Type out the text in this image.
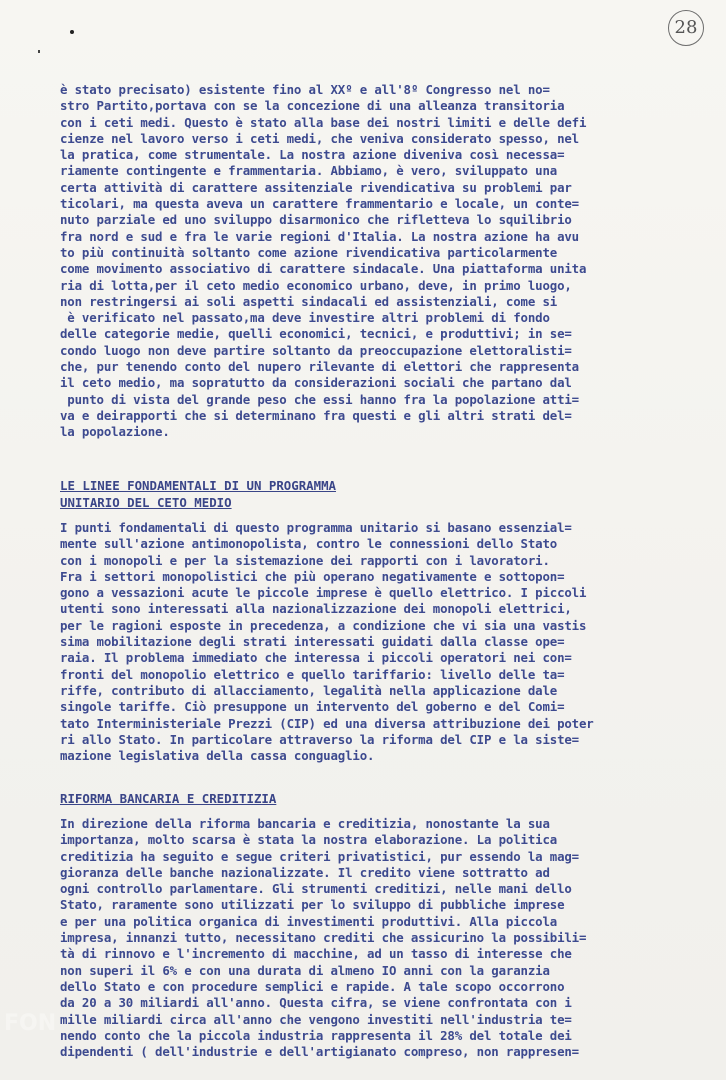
28
è stato precisato) esistente fino al XXº e all'8º Congresso nel no=
stro Partito,portava con se la concezione di una alleanza transitoria
con i ceti medi. Questo è stato alla base dei nostri limiti e delle defi
cienze nel lavoro verso i ceti medi, che veniva considerato spesso, nel
la pratica, come strumentale. La nostra azione diveniva così necessa=
riamente contingente e frammentaria. Abbiamo, è vero, sviluppato una
certa attività di carattere assitenziale rivendicativa su problemi par
ticolari, ma questa aveva un carattere frammentario e locale, un conte=
nuto parziale ed uno sviluppo disarmonico che rifletteva lo squilibrio
fra nord e sud e fra le varie regioni d'Italia. La nostra azione ha avu
to più continuità soltanto come azione rivendicativa particolarmente
come movimento associativo di carattere sindacale. Una piattaforma unita
ria di lotta,per il ceto medio economico urbano, deve, in primo luogo,
non restringersi ai soli aspetti sindacali ed assistenziali, come si
è verificato nel passato,ma deve investire altri problemi di fondo
delle categorie medie, quelli economici, tecnici, e produttivi; in se=
condo luogo non deve partire soltanto da preoccupazione elettoralisti=
che, pur tenendo conto del nupero rilevante di elettori che rappresenta
il ceto medio, ma sopratutto da considerazioni sociali che partano dal
punto di vista del grande peso che essi hanno fra la popolazione atti=
va e deirapporti che si determinano fra questi e gli altri strati del=
la popolazione.
LE LINEE FONDAMENTALI DI UN PROGRAMMA
UNITARIO DEL CETO MEDIO
I punti fondamentali di questo programma unitario si basano essenzial=
mente sull'azione antimonopolista, contro le connessioni dello Stato
con i monopoli e per la sistemazione dei rapporti con i lavoratori.
Fra i settori monopolistici che più operano negativamente e sottopon=
gono a vessazioni acute le piccole imprese è quello elettrico. I piccoli
utenti sono interessati alla nazionalizzazione dei monopoli elettrici,
per le ragioni esposte in precedenza, a condizione che vi sia una vastis
sima mobilitazione degli strati interessati guidati dalla classe ope=
raia. Il problema immediato che interessa i piccoli operatori nei con=
fronti del monopolio elettrico e quello tariffario: livello delle ta=
riffe, contributo di allacciamento, legalità nella applicazione dale
singole tariffe. Ciò presuppone un intervento del goberno e del Comi=
tato Interministeriale Prezzi (CIP) ed una diversa attribuzione dei poter
ri allo Stato. In particolare attraverso la riforma del CIP e la siste=
mazione legislativa della cassa conguaglio.
RIFORMA BANCARIA E CREDITIZIA
In direzione della riforma bancaria e creditizia, nonostante la sua
importanza, molto scarsa è stata la nostra elaborazione. La politica
creditizia ha seguito e segue criteri privatistici, pur essendo la mag=
gioranza delle banche nazionalizzate. Il credito viene sottratto ad
ogni controllo parlamentare. Gli strumenti creditizi, nelle mani dello
Stato, raramente sono utilizzati per lo sviluppo di pubbliche imprese
e per una politica organica di investimenti produttivi. Alla piccola
impresa, innanzi tutto, necessitano crediti che assicurino la possibili=
tà di rinnovo e l'incremento di macchine, ad un tasso di interesse che
non superi il 6% e con una durata di almeno IO anni con la garanzia
dello Stato e con procedure semplici e rapide. A tale scopo occorrono
da 20 a 30 miliardi all'anno. Questa cifra, se viene confrontata con i
mille miliardi circa all'anno che vengono investiti nell'industria te=
nendo conto che la piccola industria rappresenta il 28% del totale dei
dipendenti ( dell'industrie e dell'artigianato compreso, non rappresen=
FON
